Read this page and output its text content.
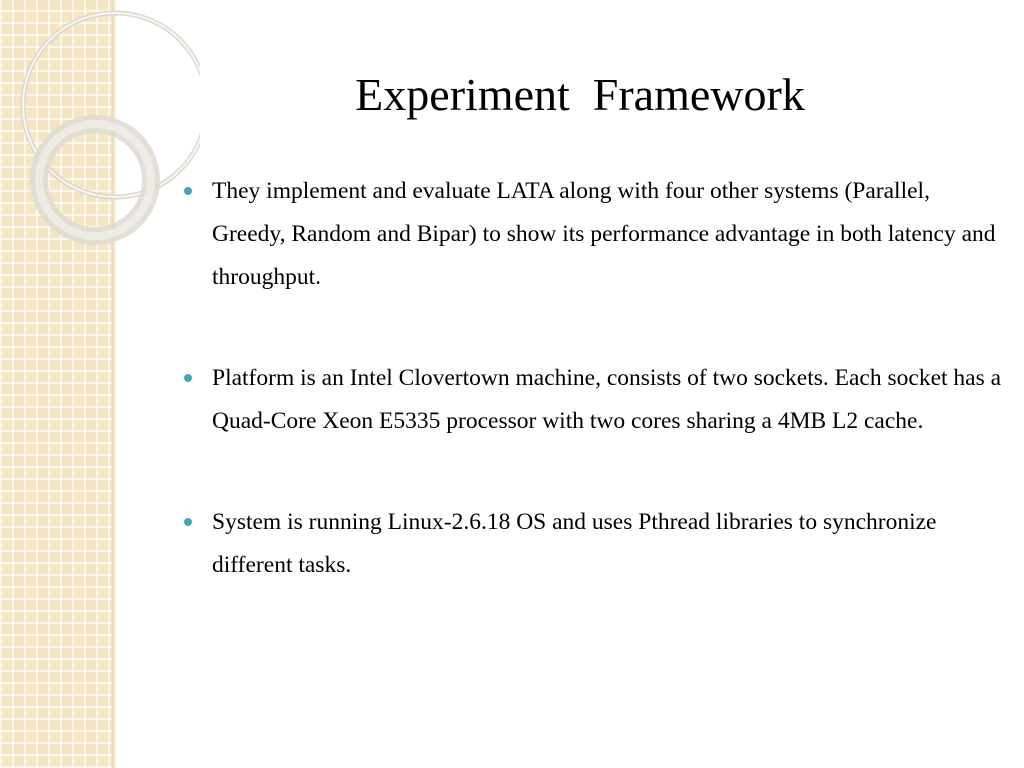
Experiment  Framework
They implement and evaluate LATA along with four other systems (Parallel, Greedy, Random and Bipar) to show its performance advantage in both latency and throughput.
Platform is an Intel Clovertown machine, consists of two sockets. Each socket has a Quad-Core Xeon E5335 processor with two cores sharing a 4MB L2 cache.
System is running Linux-2.6.18 OS and uses Pthread libraries to synchronize different tasks.
